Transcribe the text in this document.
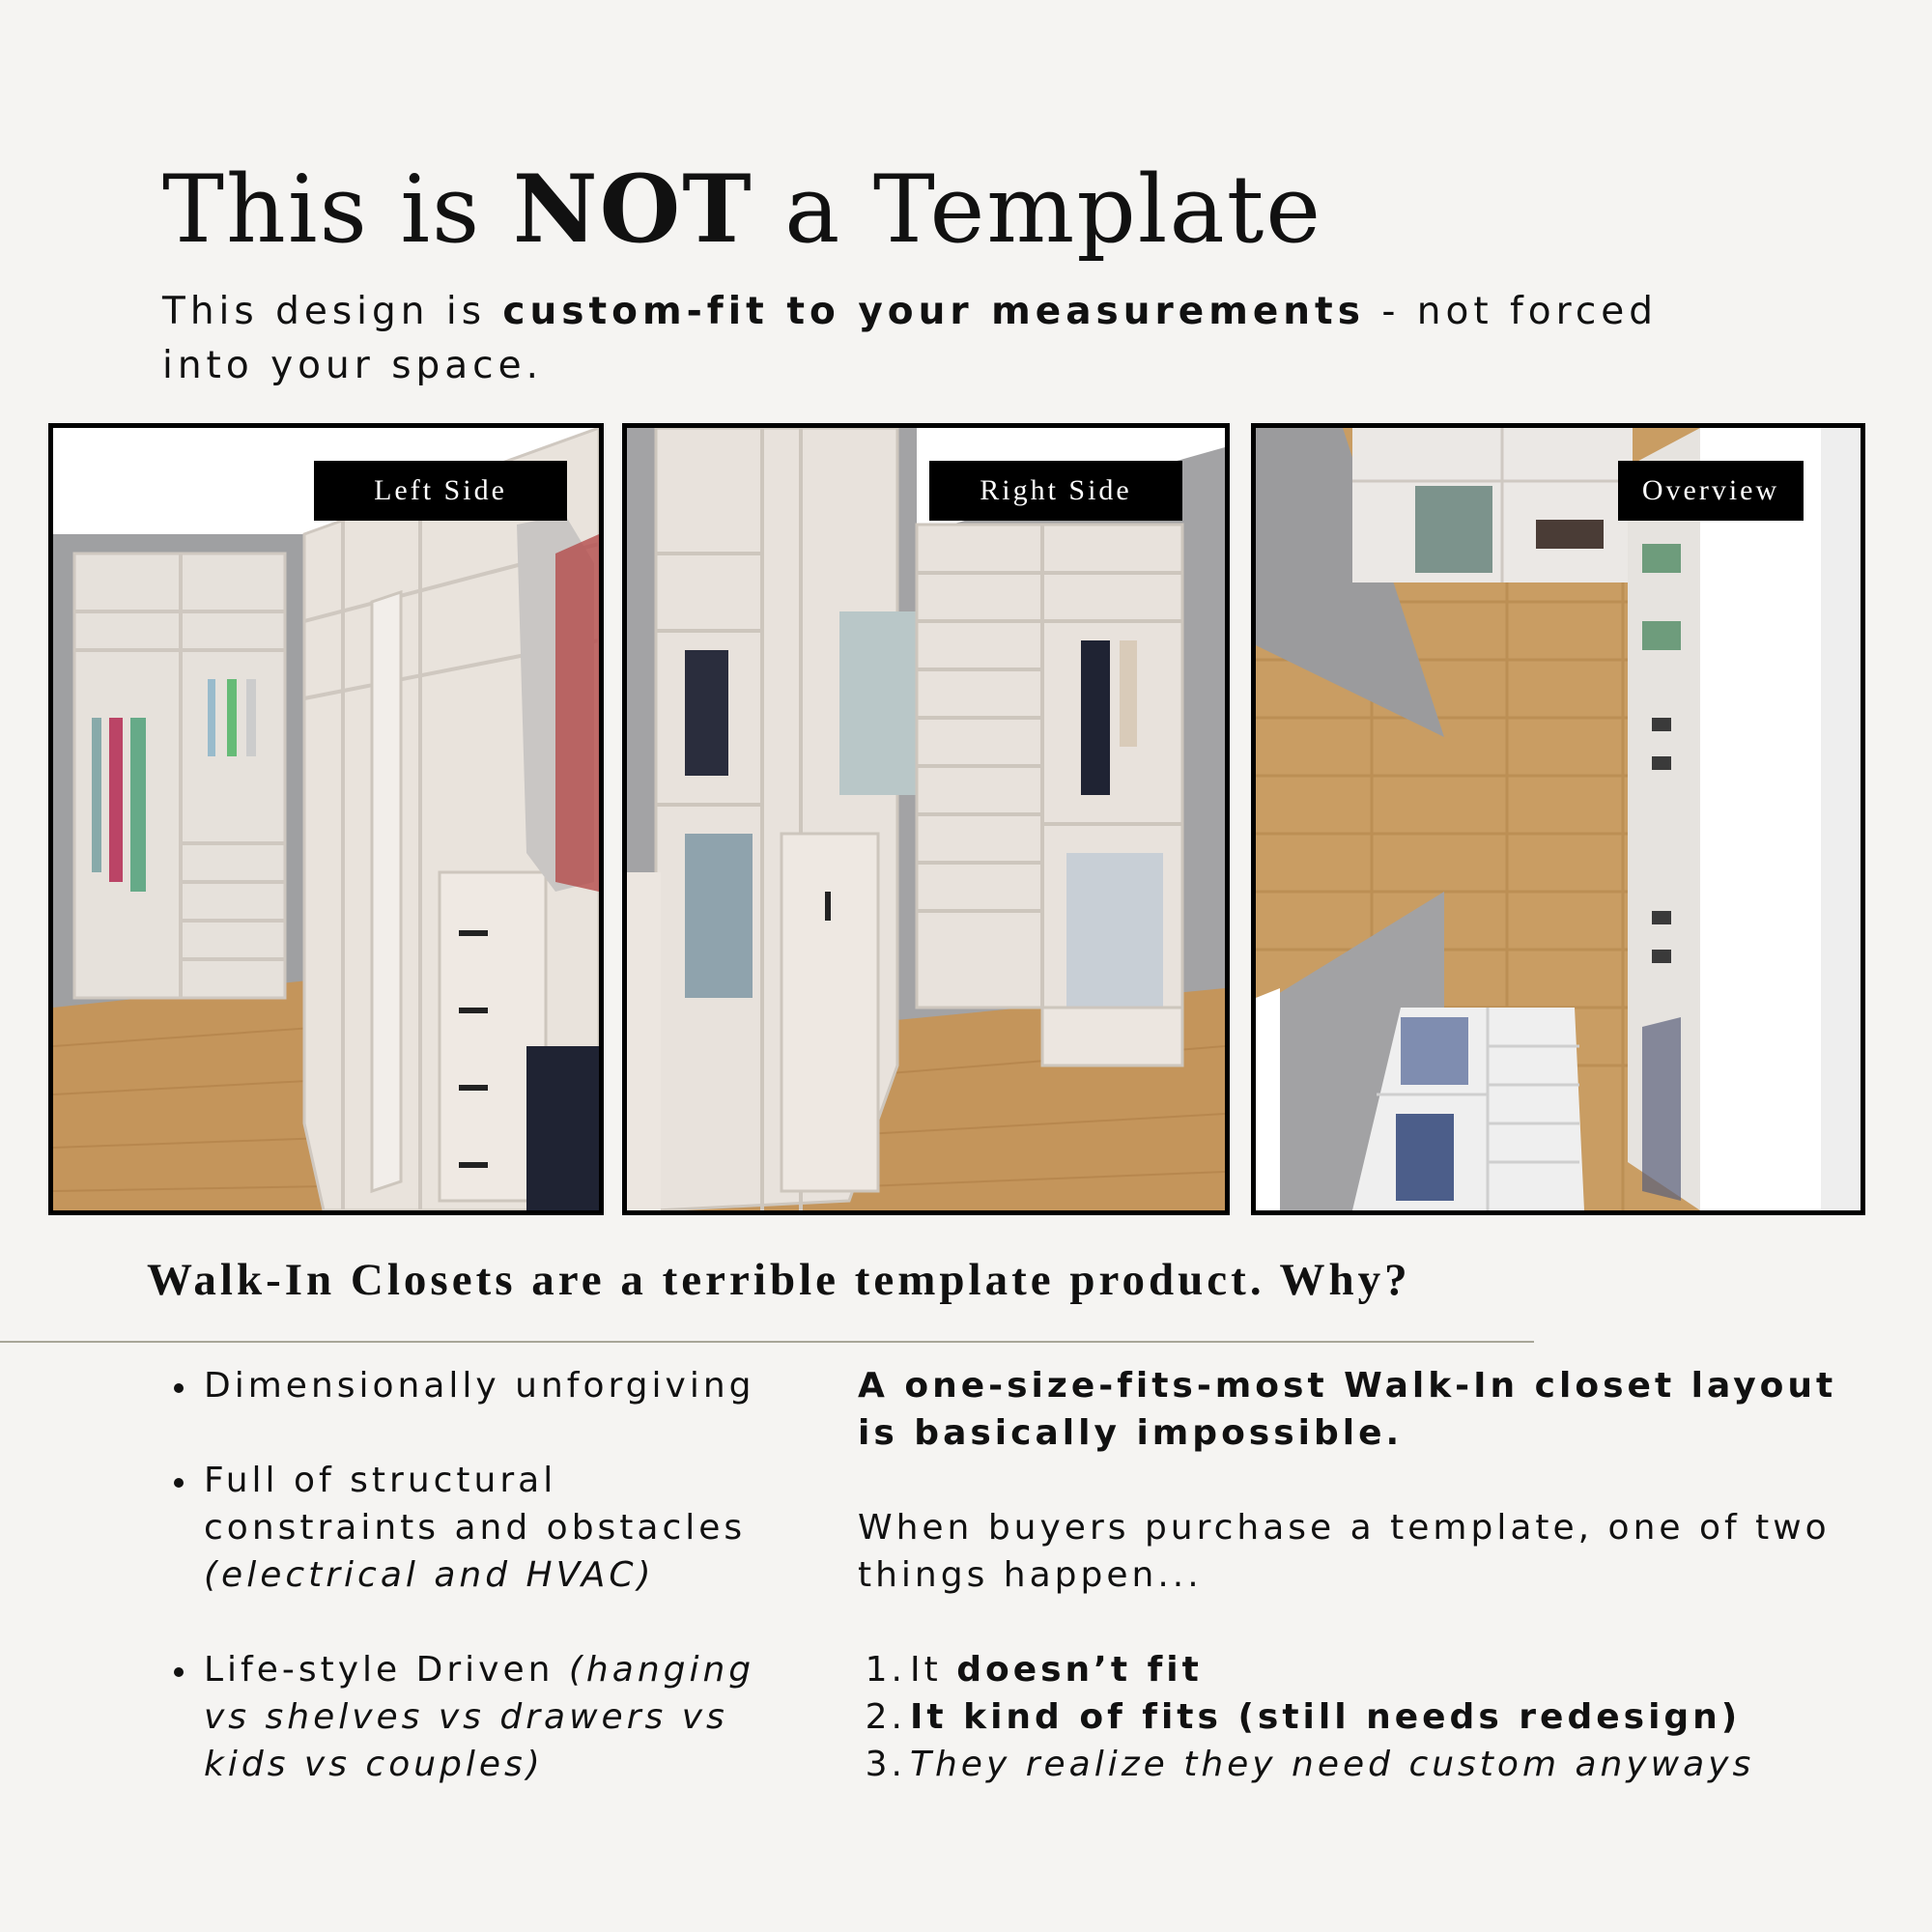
This is NOT a Template

This design is custom-fit to your measurements - not forced into your space.

Left Side	Right Side	Overview
Walk-In Closets are a terrible template product. Why?
Dimensionally unforgiving
Full of structural constraints and obstacles
(electrical and HVAC)
Life-style Driven (hanging vs shelves vs drawers vs kids vs couples)

A one-size-fits-most Walk-In closet layout is basically impossible.

When buyers purchase a template, one of two things happen...

1. It
doesn’t fit
2. It kind of fits (still needs redesign)
3. They realize they need custom anyways
